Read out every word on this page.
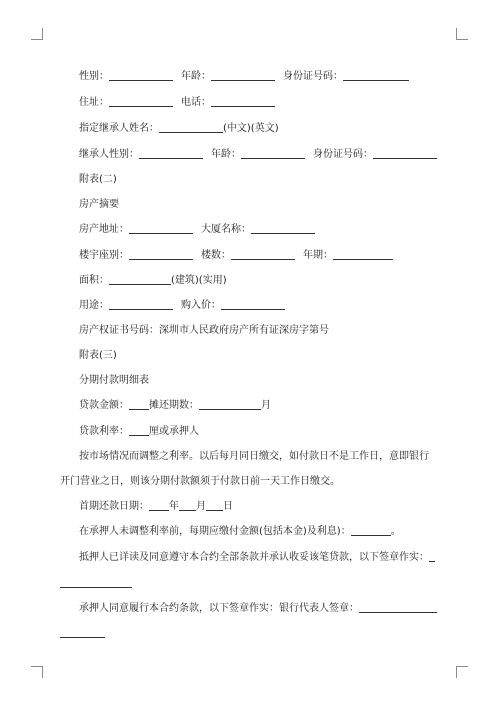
性别：	年龄：	身份证号码：
住址：	电话：
指定继承人姓名：	(中文)(英文)
继承人性别：	年龄：	身份证号码：
附表(二)
房产摘要
房产地址：	大厦名称：
楼宇座别：	楼数：	年期：
面积：	(建筑)(实用)
用途：	购入价：
房产权证书号码：深圳市人民政府房产所有证深房字第号
附表(三)
分期付款明细表
贷款金额： 摊还期数：	月
贷款利率： 厘或承押人
按市场情况而调整之利率。以后每月同日缴交，如付款日不是工作日，意即银行
开门营业之日，则该分期付款额须于付款日前一天工作日缴交。
首期还款日期： 年 月 日
在承押人未调整利率前，每期应缴付金额(包括本金)及利息)：	。
抵押人已详读及同意遵守本合约全部条款并承认收妥该笔贷款，以下签章作实：
承押人同意履行本合约条款，以下签章作实：银行代表人签章：
